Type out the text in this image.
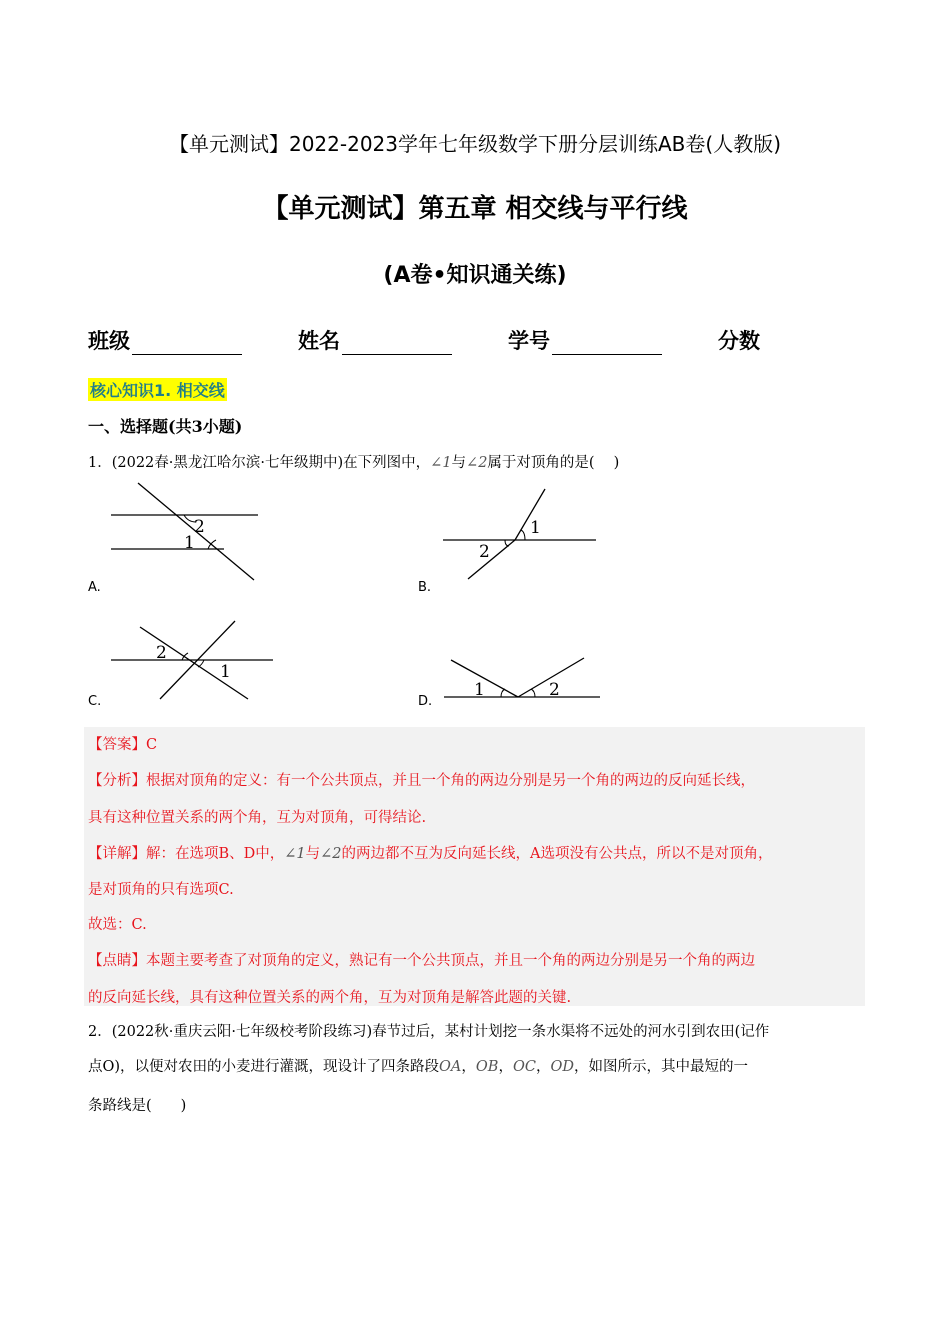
【单元测试】2022-2023学年七年级数学下册分层训练AB卷(人教版)
【单元测试】第五章 相交线与平行线
(A卷•知识通关练)
班级	姓名	学号	分数
核心知识1. 相交线
一、选择题(共3小题)
1．(2022春·黑龙江哈尔滨·七年级期中)在下列图中，∠1与∠2属于对顶角的是(　 )
2
1
A.
1
2
B.
2
1
C.
1	2
D.
【答案】C
【分析】根据对顶角的定义：有一个公共顶点，并且一个角的两边分别是另一个角的两边的反向延长线，
具有这种位置关系的两个角，互为对顶角，可得结论.
【详解】解：在选项B、D中，∠1与∠2的两边都不互为反向延长线，A选项没有公共点，所以不是对顶角，
是对顶角的只有选项C.
故选：C.
【点睛】本题主要考查了对顶角的定义，熟记有一个公共顶点，并且一个角的两边分别是另一个角的两边
的反向延长线，具有这种位置关系的两个角，互为对顶角是解答此题的关键.
2．(2022秋·重庆云阳·七年级校考阶段练习)春节过后，某村计划挖一条水渠将不远处的河水引到农田(记作
点O)，以便对农田的小麦进行灌溉，现设计了四条路段OA，OB，OC，OD，如图所示，其中最短的一
条路线是(　　)
